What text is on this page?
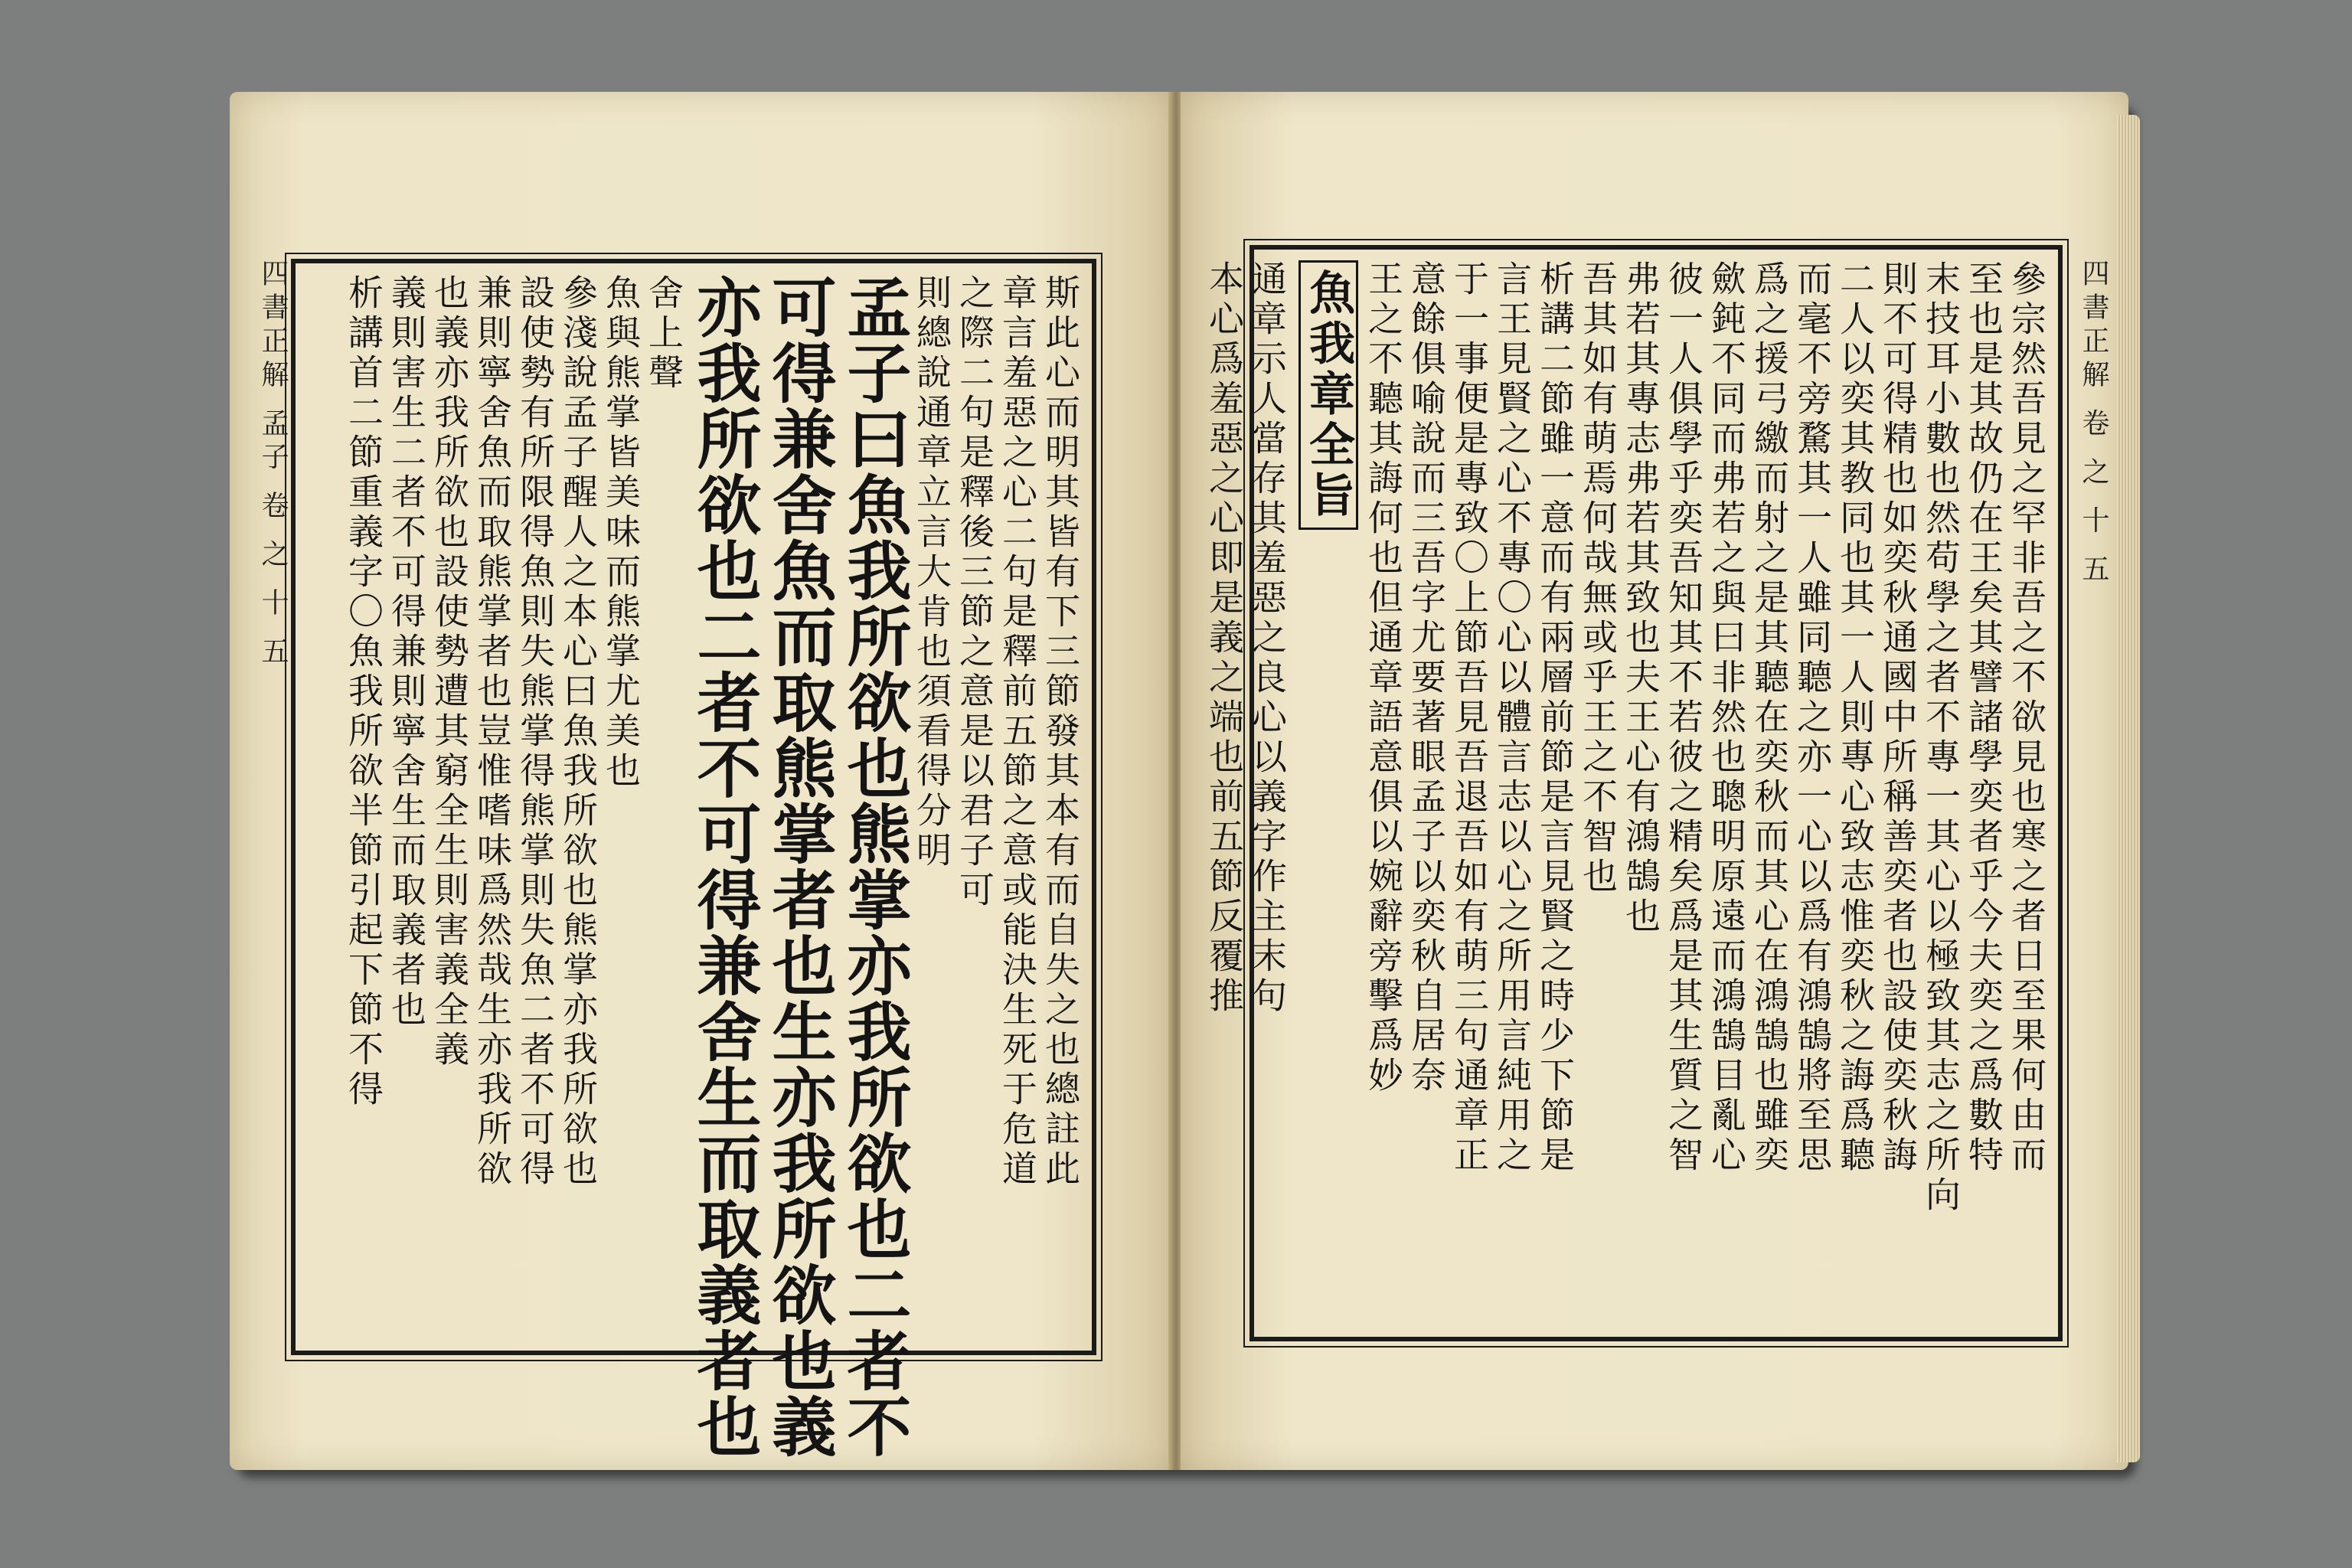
四書正解 孟子 卷 之 十 五	斯此心而明其皆有下三節發其本有而自失之也總註此
章言羞惡之心二句是釋前五節之意或能決生死于危道
之際二句是釋後三節之意是以君子可
則總說通章立言大肯也須看得分明
孟子曰魚我所欲也熊掌亦我所欲也二者不
可得兼舍魚而取熊掌者也生亦我所欲也義
亦我所欲也二者不可得兼舍生而取義者也
舍上聲
魚與熊掌皆美味而熊掌尤美也
參淺說孟子醒人之本心曰魚我所欲也熊掌亦我所欲也
設使勢有所限得魚則失熊掌得熊掌則失魚二者不可得
兼則寧舍魚而取熊掌者也豈惟嗜味爲然哉生亦我所欲
也義亦我所欲也設使勢遭其窮全生則害義全義
義則害生二者不可得兼則寧舍生而取義者也
析講首二節重義字〇魚我所欲半節引起下節不得	四書正解 卷 之 十 五
參宗然吾見之罕非吾之不欲見也寒之者日至果何由而
至也是其故仍在王矣其譬諸學奕者乎今夫奕之爲數特
末技耳小數也然苟學之者不專一其心以極致其志之所向
則不可得精也如奕秋通國中所稱善奕者也設使奕秋誨
二人以奕其教同也其一人則專心致志惟奕秋之誨爲聽
而毫不旁騖其一人雖同聽之亦一心以爲有鴻鵠將至思
爲之援弓繳而射之是其聽在奕秋而其心在鴻鵠也雖奕
歛鈍不同而弗若之與曰非然也聰明原遠而鴻鵠目亂心
彼一人俱學乎奕吾知其不若彼之精矣爲是其生質之智
弗若其專志弗若其致也夫王心有鴻鵠也
吾其如有萌焉何哉無或乎王之不智也
析講二節雖一意而有兩層前節是言見賢之時少下節是
言王見賢之心不專〇心以體言志以心之所用言純用之
于一事便是專致〇上節吾見吾退吾如有萌三句通章正
意餘俱喻說而三吾字尤要著眼孟子以奕秋自居奈
王之不聽其誨何也但通章語意俱以婉辭旁擊爲妙
魚我章全旨
通章示人當存其羞惡之良心以義字作主末句
本心爲羞惡之心即是義之端也前五節反覆推
